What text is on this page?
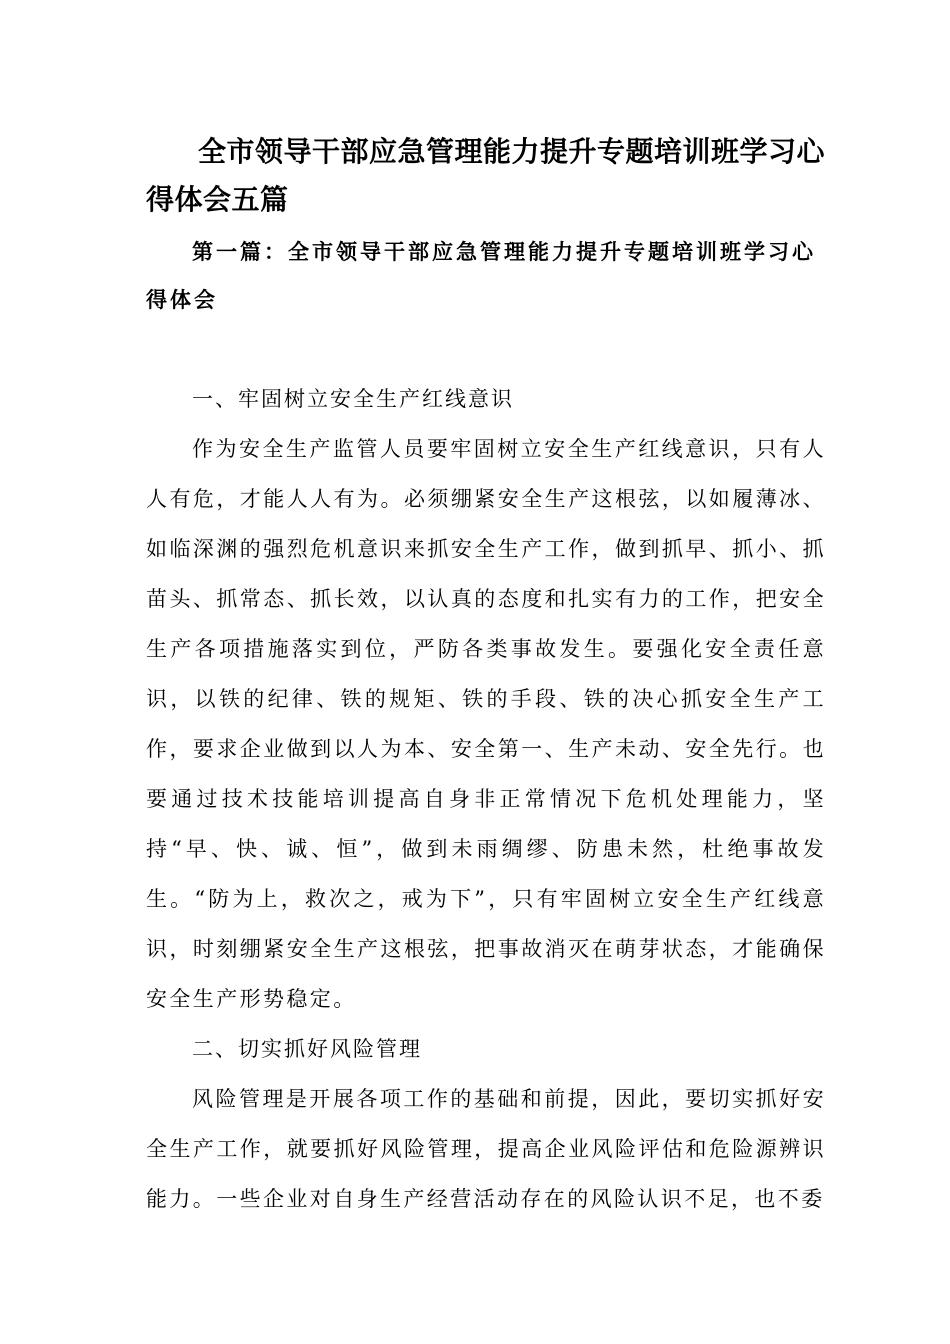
全市领导干部应急管理能力提升专题培训班学习心得体会五篇
第一篇：全市领导干部应急管理能力提升专题培训班学习心得体会

一、牢固树立安全生产红线意识

作为安全生产监管人员要牢固树立安全生产红线意识，只有人人有危，才能人人有为。必须绷紧安全生产这根弦，以如履薄冰、如临深渊的强烈危机意识来抓安全生产工作，做到抓早、抓小、抓苗头、抓常态、抓长效，以认真的态度和扎实有力的工作，把安全生产各项措施落实到位，严防各类事故发生。要强化安全责任意识，以铁的纪律、铁的规矩、铁的手段、铁的决心抓安全生产工作，要求企业做到以人为本、安全第一、生产未动、安全先行。也要通过技术技能培训提高自身非正常情况下危机处理能力，坚持“早、快、诚、恒”，做到未雨绸缪、防患未然，杜绝事故发生。“防为上，救次之，戒为下”，只有牢固树立安全生产红线意识，时刻绷紧安全生产这根弦，把事故消灭在萌芽状态，才能确保安全生产形势稳定。

二、切实抓好风险管理

风险管理是开展各项工作的基础和前提，因此，要切实抓好安全生产工作，就要抓好风险管理，提高企业风险评估和危险源辨识能力。一些企业对自身生产经营活动存在的风险认识不足，也不委
